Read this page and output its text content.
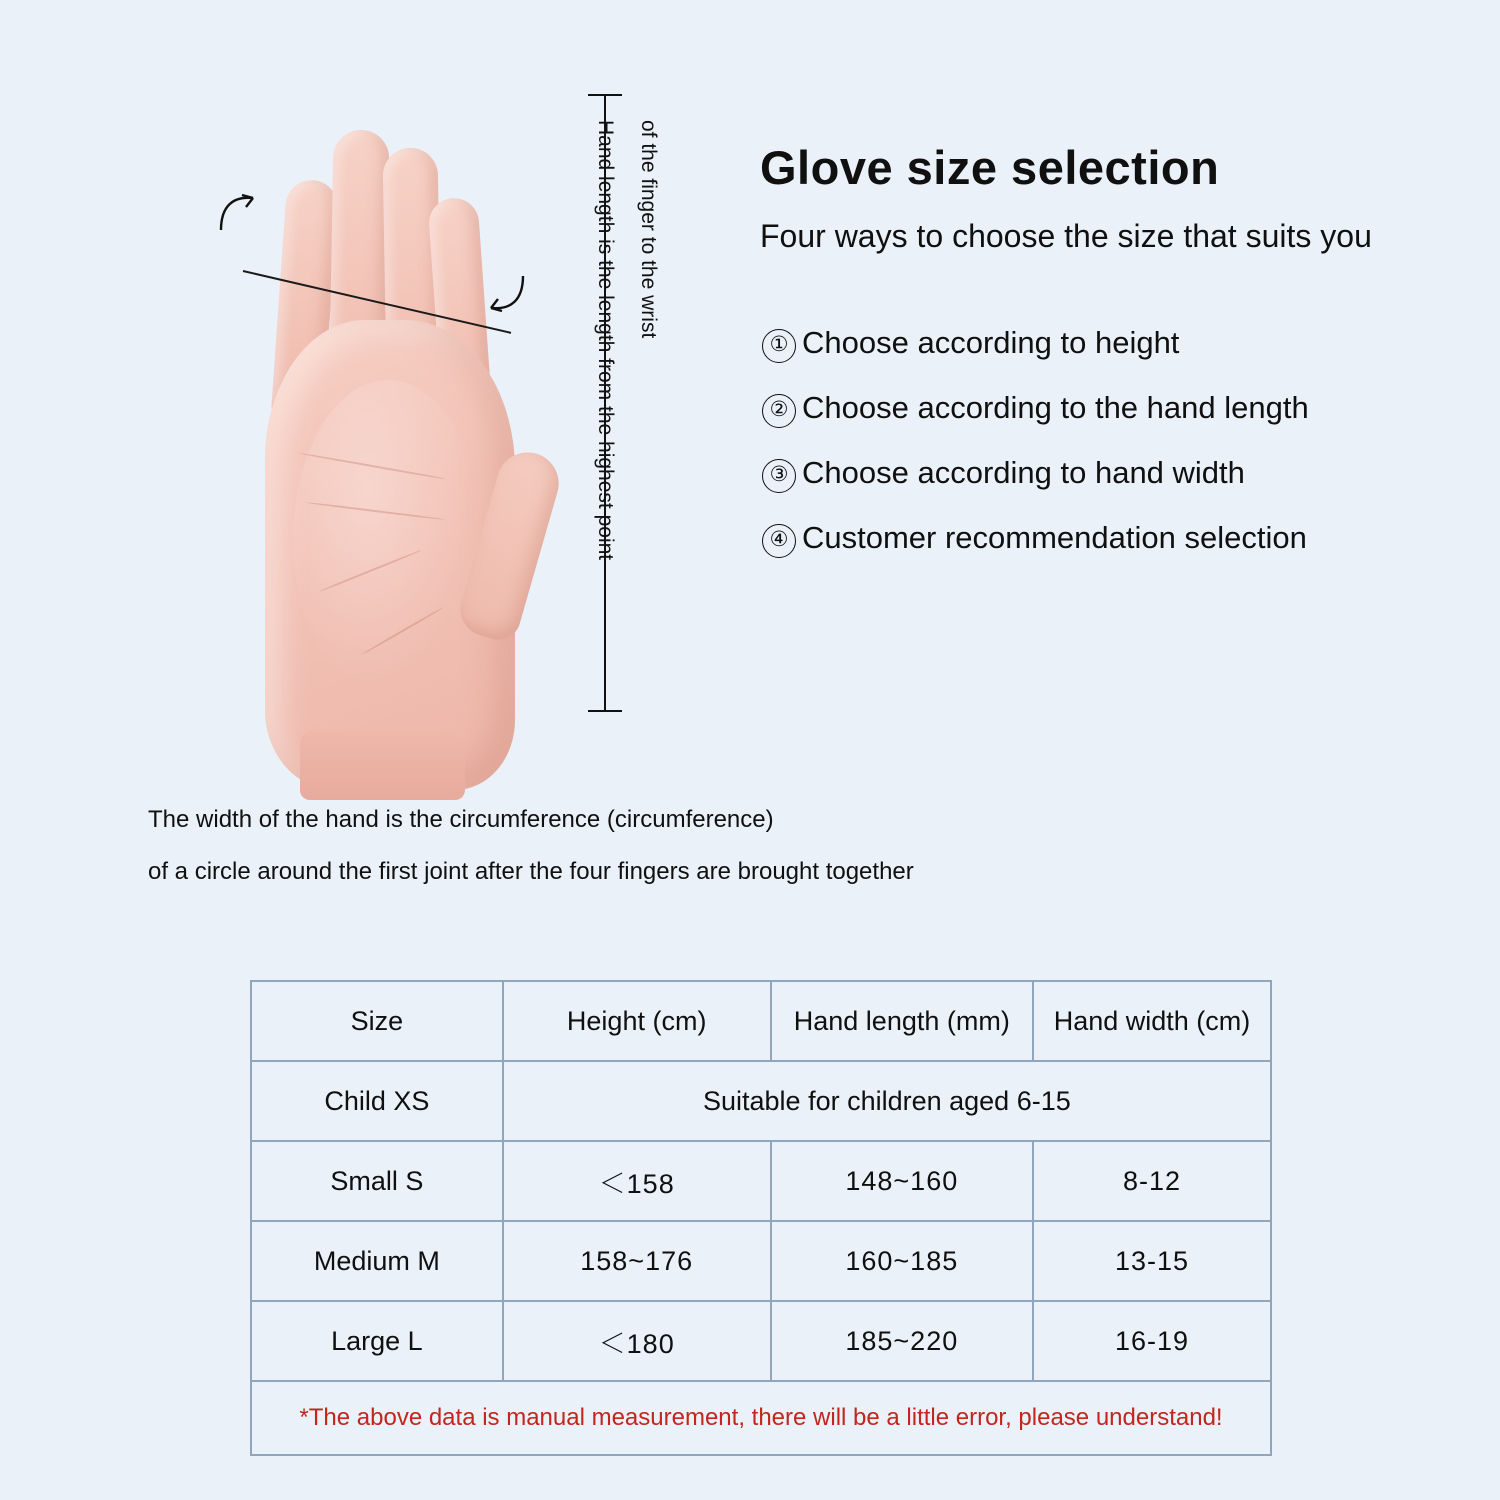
Hand length is the length from the highest point of the finger to the wrist Glove size selection
Four ways to choose the size that suits you
① Choose according to height
② Choose according to the hand length
③ Choose according to hand width
④ Customer recommendation selection
The width of the hand is the circumference (circumference)
of a circle around the first joint after the four fingers are brought together
Size	Height (cm)	Hand length (mm)	Hand width (cm)
Child XS	Suitable for children aged 6-15		
Small S	＜158	148~160	8-12
Medium M	158~176	160~185	13-15
Large L	＜180	185~220	16-19
*The above data is manual measurement, there will be a little error, please understand!			
